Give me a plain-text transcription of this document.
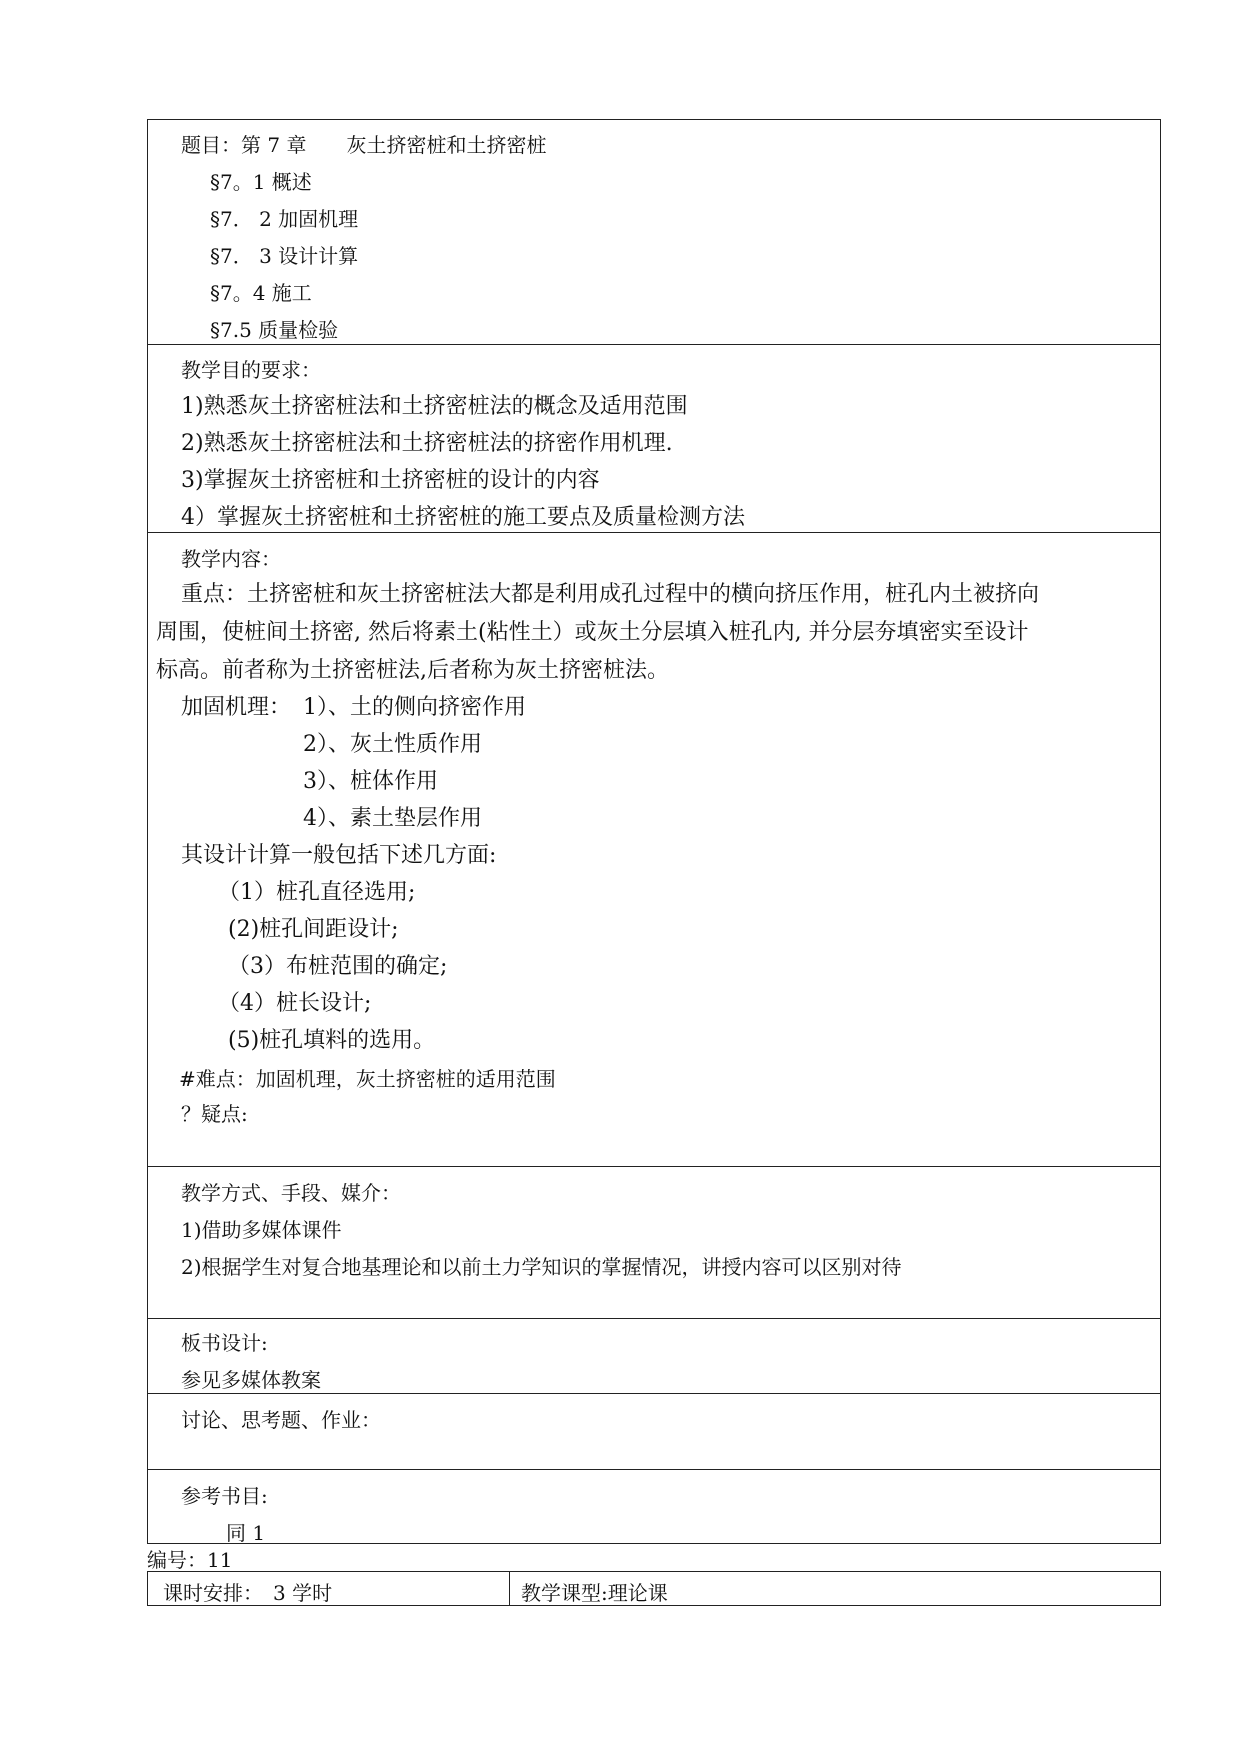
题目：第 7 章　　灰土挤密桩和土挤密桩
§7。1 概述
§7． 2 加固机理
§7． 3 设计计算
§7。4 施工
§7.5 质量检验
教学目的要求：
1)熟悉灰土挤密桩法和土挤密桩法的概念及适用范围
2)熟悉灰土挤密桩法和土挤密桩法的挤密作用机理.
3)掌握灰土挤密桩和土挤密桩的设计的内容
4）掌握灰土挤密桩和土挤密桩的施工要点及质量检测方法
教学内容：
重点：土挤密桩和灰土挤密桩法大都是利用成孔过程中的横向挤压作用，桩孔内土被挤向
周围，使桩间土挤密, 然后将素土(粘性土）或灰土分层填入桩孔内, 并分层夯填密实至设计
标高。前者称为土挤密桩法,后者称为灰土挤密桩法。
加固机理： 1）、土的侧向挤密作用
2）、灰土性质作用
3）、桩体作用
4）、素土垫层作用
其设计计算一般包括下述几方面:
（1）桩孔直径选用;
(2)桩孔间距设计;
（3）布桩范围的确定;
（4）桩长设计;
(5)桩孔填料的选用。
#难点：加固机理，灰土挤密桩的适用范围
？疑点:
教学方式、手段、媒介：
1)借助多媒体课件
2)根据学生对复合地基理论和以前土力学知识的掌握情况，讲授内容可以区别对待
板书设计:
参见多媒体教案
讨论、思考题、作业：
参考书目:
同 1
编号：11
课时安排：　3 学时	教学课型:理论课
